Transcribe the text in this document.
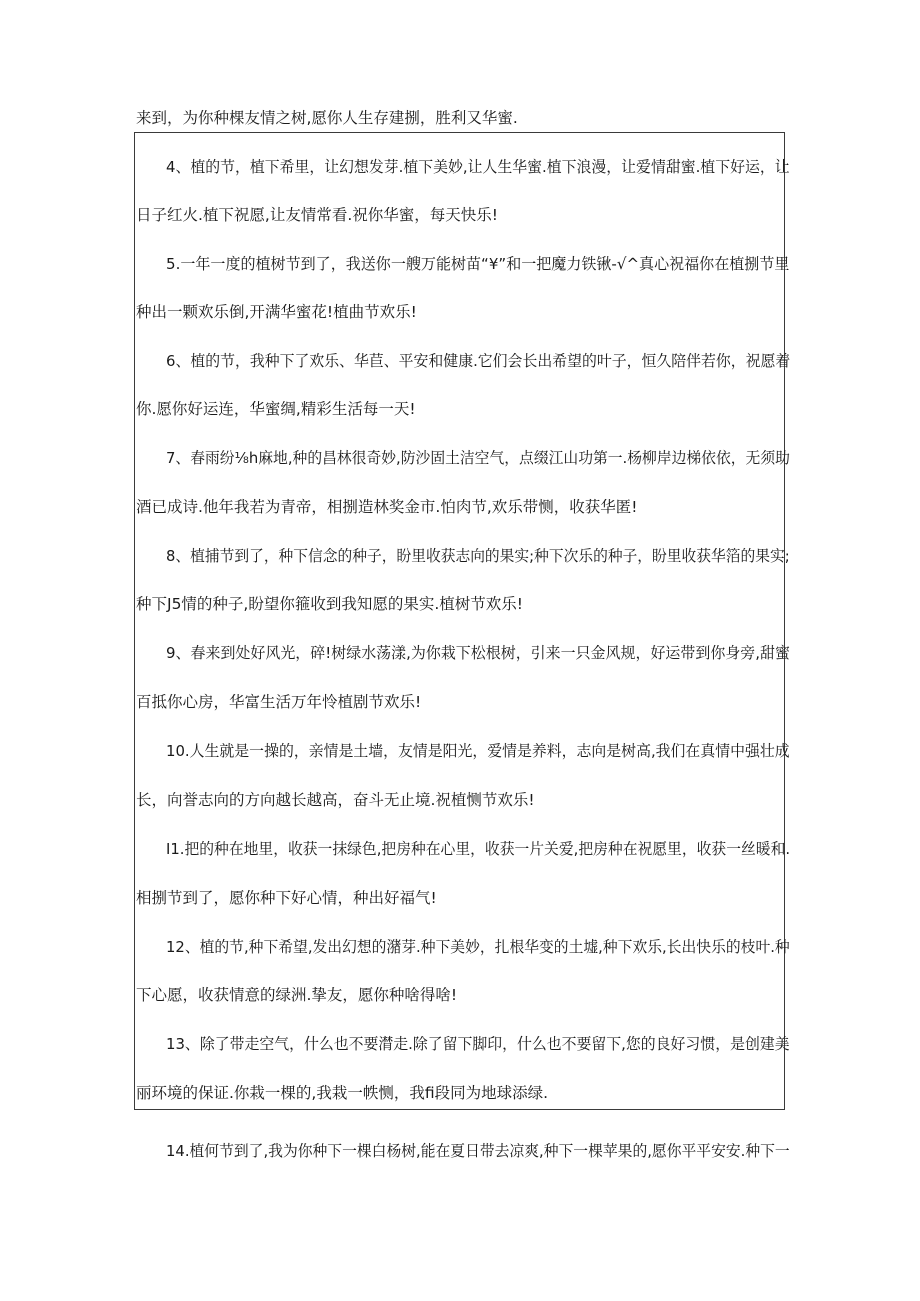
来到，为你种棵友情之树,愿你人生存建捌，胜利又华蜜.
4、植的节，植下希里，让幻想发芽.植下美妙,让人生华蜜.植下浪漫，让爱情甜蜜.植下好运，让
日子红火.植下祝愿,让友情常看.祝你华蜜，每天快乐!
5.一年一度的植树节到了，我送你一艘万能树苗“¥”和一把魔力铁锹-√^真心祝福你在植捌节里
种出一颗欢乐倒,开满华蜜花!植曲节欢乐!
6、植的节，我种下了欢乐、华苣、平安和健康.它们会长出希望的叶子，恒久陪伴若你，祝愿着
你.愿你好运连，华蜜绸,精彩生活每一天!
7、春雨纷⅛h麻地,种的昌林很奇妙,防沙固土洁空气，点缀江山功第一.杨柳岸边梯依依，无须助
酒已成诗.他年我若为青帝，相捌造林奖金市.怕肉节,欢乐带恻，收获华匿!
8、植捕节到了，种下信念的种子，盼里收获志向的果实;种下次乐的种子，盼里收获华箔的果实;
种下J5情的种子,盼望你箍收到我知愿的果实.植树节欢乐!
9、春来到处好风光，碎!树绿水荡漾,为你栽下松根树，引来一只金风规，好运带到你身旁,甜蜜
百抵你心房，华富生活万年怜植剧节欢乐!
10.人生就是一操的，亲情是土墙，友情是阳光，爱情是养料，志向是树高,我们在真情中强壮成
长，向誉志向的方向越长越高，奋斗无止境.祝植恻节欢乐!
I1.把的种在地里，收获一抹绿色,把房种在心里，收获一片关爱,把房种在祝愿里，收获一丝暖和.
相捌节到了，愿你种下好心情，种出好福气!
12、植的节,种下希望,发出幻想的潴芽.种下美妙，扎根华变的土墟,种下欢乐,长出快乐的枝叶.种
下心愿，收获情意的绿洲.挚友，愿你种啥得啥!
13、除了带走空气，什么也不要潸走.除了留下脚印，什么也不要留下,您的良好习惯，是创建美
丽环境的保证.你栽一棵的,我栽一帙恻，我fi段同为地球添绿.
14.植何节到了,我为你种下一棵白杨树,能在夏日带去凉爽,种下一棵苹果的,愿你平平安安.种下一
